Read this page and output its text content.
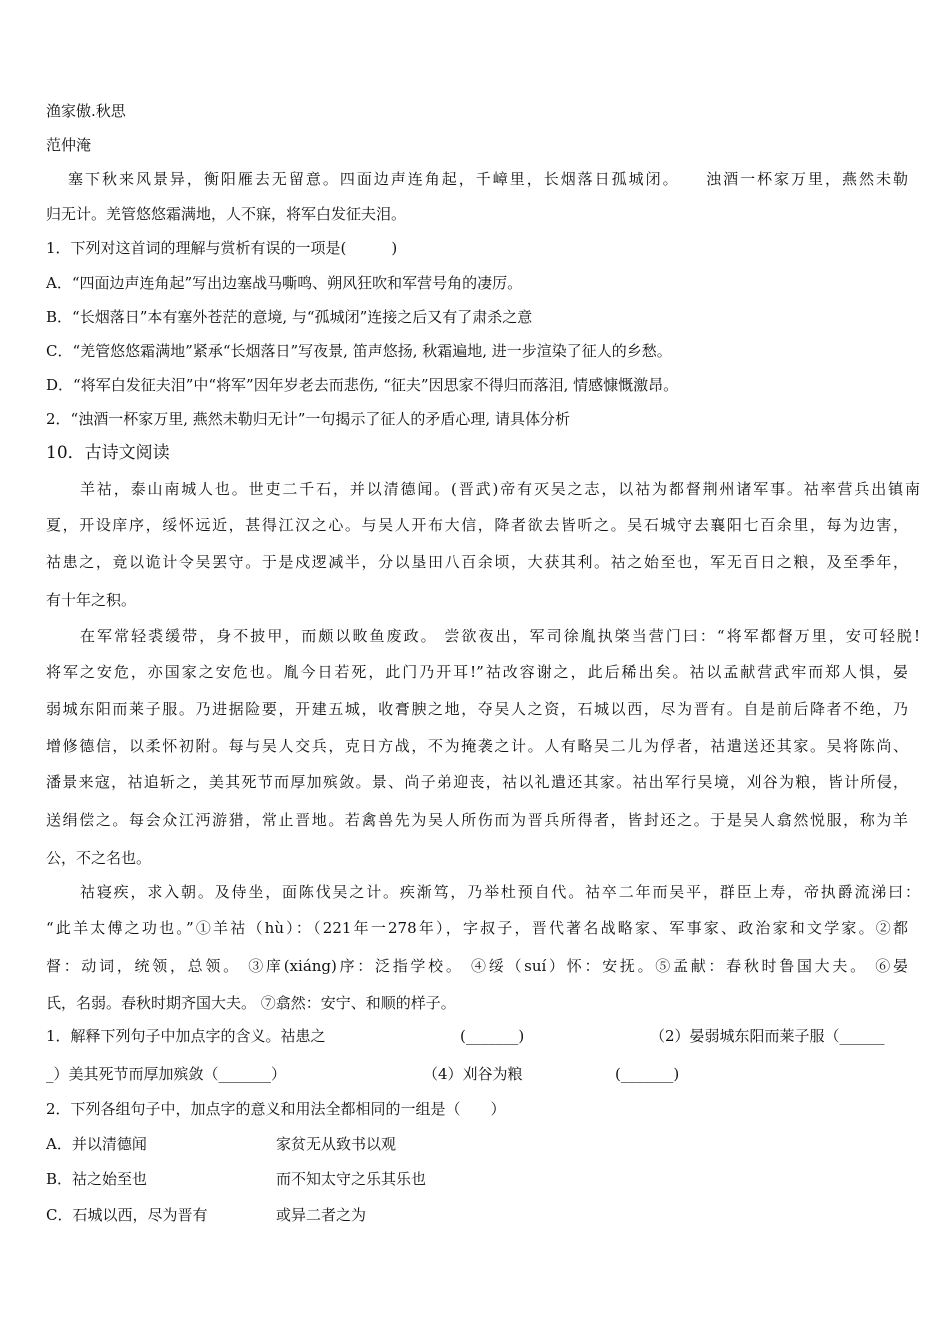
渔家傲.秋思
范仲淹
塞下秋来风景异，衡阳雁去无留意。四面边声连角起，千嶂里，长烟落日孤城闭。　　浊酒一杯家万里，燕然未勒
归无计。羌管悠悠霜满地，人不寐，将军白发征夫泪。
1．下列对这首词的理解与赏析有误的一项是(　　　)
A．“四面边声连角起”写出边塞战马嘶鸣、朔风狂吹和军营号角的凄厉。
B．“长烟落日”本有塞外苍茫的意境, 与“孤城闭”连接之后又有了肃杀之意
C．“羌管悠悠霜满地”紧承“长烟落日”写夜景, 笛声悠扬, 秋霜遍地, 进一步渲染了征人的乡愁。
D．“将军白发征夫泪”中“将军”因年岁老去而悲伤, “征夫”因思家不得归而落泪, 情感慷慨激昂。
2．“浊酒一杯家万里, 燕然未勒归无计”一句揭示了征人的矛盾心理, 请具体分析
10．古诗文阅读
羊祜，泰山南城人也。世吏二千石，并以清德闻。(晋武)帝有灭吴之志，以祜为都督荆州诸军事。祜率营兵出镇南
夏，开设庠序，绥怀远近，甚得江汉之心。与吴人开布大信，降者欲去皆听之。吴石城守去襄阳七百余里，每为边害，
祜患之，竟以诡计令吴罢守。于是戍逻减半，分以垦田八百余顷，大获其利。祜之始至也，军无百日之粮，及至季年，
有十年之积。
在军常轻裘缓带，身不披甲，而颇以畋鱼废政。 尝欲夜出，军司徐胤执棨当营门曰：“将军都督万里，安可轻脱!
将军之安危，亦国家之安危也。胤今日若死，此门乃开耳!”祜改容谢之，此后稀出矣。祜以孟献营武牢而郑人惧，晏
弱城东阳而莱子服。乃进据险要，开建五城，收膏腴之地，夺吴人之资，石城以西，尽为晋有。自是前后降者不绝，乃
增修德信，以柔怀初附。每与吴人交兵，克日方战，不为掩袭之计。人有略吴二儿为俘者，祜遣送还其家。吴将陈尚、
潘景来寇，祜追斩之，美其死节而厚加殡敛。景、尚子弟迎丧，祜以礼遣还其家。祜出军行吴境，刈谷为粮，皆计所侵，
送绢偿之。每会众江沔游猎，常止晋地。若禽兽先为吴人所伤而为晋兵所得者，皆封还之。于是吴人翕然悦服，称为羊
公，不之名也。
祜寝疾，求入朝。及侍坐，面陈伐吴之计。疾渐笃，乃举杜预自代。祜卒二年而吴平，群臣上寿，帝执爵流涕曰：
“此羊太傅之功也。”①羊祜（hù）：（221年一278年），字叔子，晋代著名战略家、军事家、政治家和文学家。②都
督：动词，统领，总领。 ③庠(xiáng)序：泛指学校。 ④绥（suí）怀：安抚。⑤孟献：春秋时鲁国大夫。 ⑥晏
氏，名弱。春秋时期齐国大夫。 ⑦翕然：安宁、和顺的样子。
1．解释下列句子中加点字的含义。祜患之	(_______)	（2）晏弱城东阳而莱子服（______
_）美其死节而厚加殡敛（_______）	（4）刈谷为粮	(_______)
2．下列各组句子中，加点字的意义和用法全都相同的一组是（　　）
A．并以清德闻	家贫无从致书以观
B．祜之始至也	而不知太守之乐其乐也
C．石城以西，尽为晋有	或异二者之为
